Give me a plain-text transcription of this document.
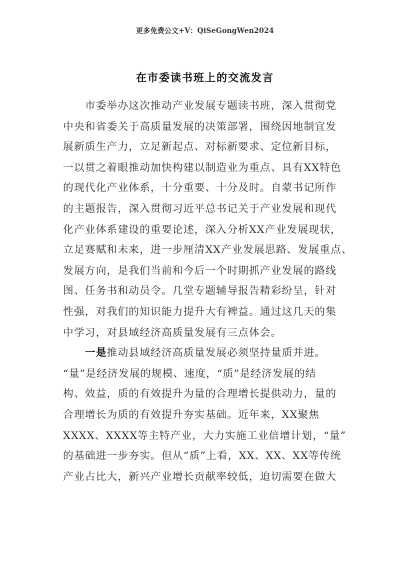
更多免费公文+V：QiSeGongWen2024
在市委读书班上的交流发言
　　市委举办这次推动产业发展专题读书班，深入贯彻党
中央和省委关于高质量发展的决策部署，围绕因地制宜发
展新质生产力，立足新起点、对标新要求、定位新目标，
一以贯之着眼推动加快构建以制造业为重点、具有XX特色
的现代化产业体系，十分重要、十分及时。自蒙书记所作
的主题报告，深入贯彻习近平总书记关于产业发展和现代
化产业体系建设的重要论述，深入分析XX产业发展现状，
立足赛赋和未来，进一步厘清XX产业发展思路、发展重点、
发展方向，是我们当前和今后一个时期抓产业发展的路线
图、任务书和动员令。几堂专题辅导报告精彩纷呈，针对
性强，对我们的知识能力提升大有裨益。通过这几天的集
中学习，对县域经济高质量发展有三点体会。
　　一是推动县域经济高质量发展必须坚持量质并进。
“量”是经济发展的规模、速度，“质”是经济发展的结
构、效益，质的有效提升为量的合理增长提供动力，量的
合理增长为质的有效提升夯实基础。近年来，XX聚焦
XXXX、XXXX等主特产业，大力实施工业倍增计划，“量”
的基础进一步夯实。但从“质”上看，XX、XX、XX等传统
产业占比大，新兴产业增长贡献率较低，迫切需要在做大
